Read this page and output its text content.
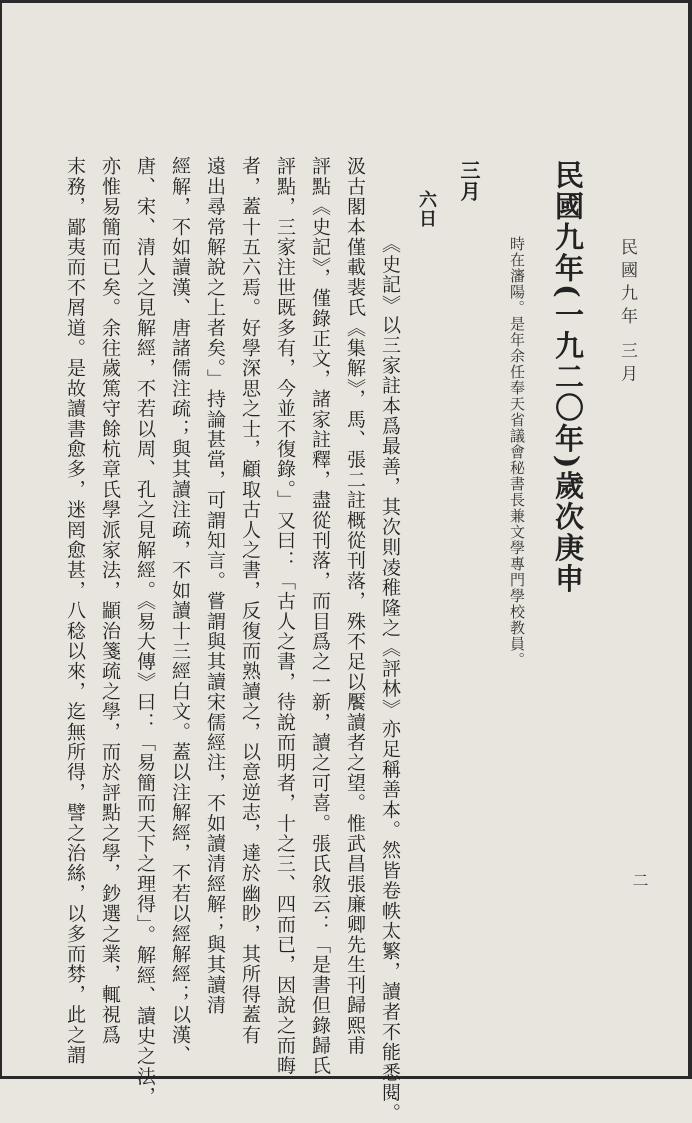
民國九年 三月
二
民國九年(一九二〇年)歲次庚申
時在瀋陽。是年余任奉天省議會秘書長兼文學專門學校教員。
三月
六日
《史記》以三家註本爲最善，其次則凌稚隆之《評林》亦足稱善本。然皆卷帙太繁，讀者不能悉閱。
汲古閣本僅載裴氏《集解》，馬、張二註概從刊落，殊不足以饜讀者之望。惟武昌張廉卿先生刊歸熙甫
評點《史記》，僅錄正文，諸家註釋，盡從刊落，而目爲之一新，讀之可喜。張氏敘云：「是書但錄歸氏
評點，三家注世既多有，今並不復錄。」又曰：「古人之書，待說而明者，十之三、四而已，因說之而晦
者，蓋十五六焉。好學深思之士，顧取古人之書，反復而熟讀之，以意逆志，達於幽眇，其所得蓋有
遠出尋常解說之上者矣。」持論甚當，可謂知言。嘗謂與其讀宋儒經注，不如讀清經解；與其讀清
經解，不如讀漢、唐諸儒注疏；與其讀注疏，不如讀十三經白文。蓋以注解經，不若以經解經；以漢、
唐、宋、清人之見解經，不若以周、孔之見解經。《易大傳》曰：「易簡而天下之理得」。解經、讀史之法，
亦惟易簡而已矣。余往歲篤守餘杭章氏學派家法，顓治箋疏之學，而於評點之學，鈔選之業，輒視爲
末務，鄙夷而不屑道。是故讀書愈多，迷罔愈甚，八稔以來，迄無所得，譬之治絲，以多而棼，此之謂
